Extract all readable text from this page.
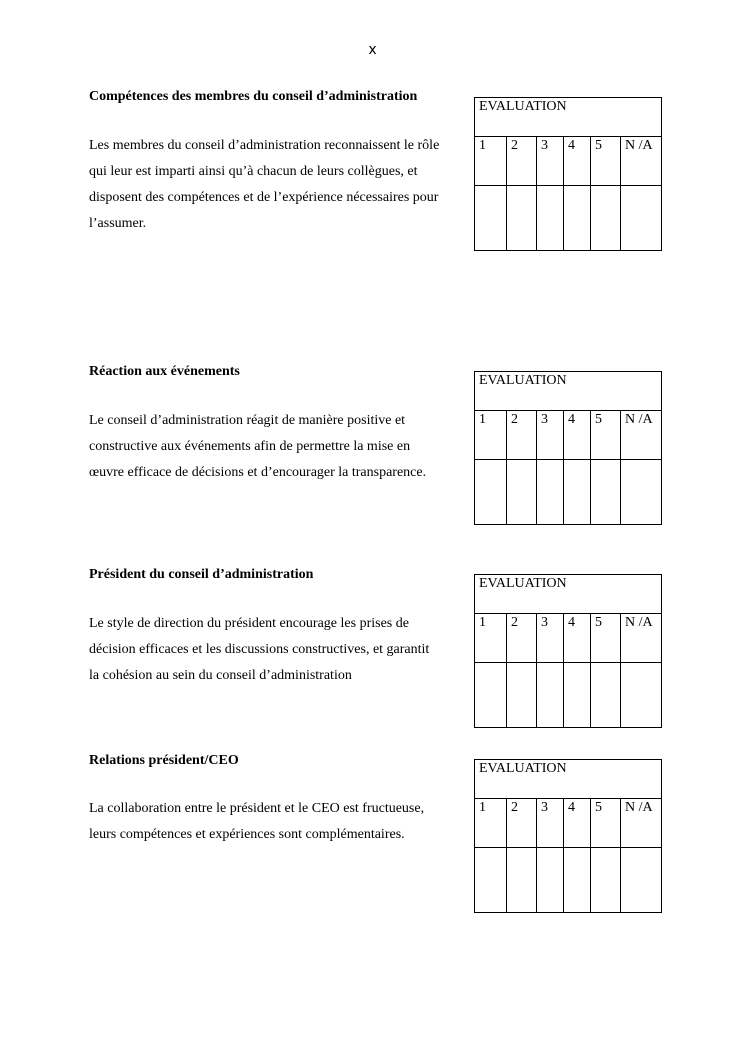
x
Compétences des membres du conseil d’administration
Les membres du conseil d’administration reconnaissent le rôle
qui leur est imparti ainsi qu’à chacun de leurs collègues, et
disposent des compétences et de l’expérience nécessaires pour
l’assumer.
EVALUATION					
1	2	3	4	5	N /A

Réaction aux événements
Le conseil d’administration réagit de manière positive et
constructive aux événements afin de permettre la mise en
œuvre efficace de décisions et d’encourager la transparence.
EVALUATION					
1	2	3	4	5	N /A

Président du conseil d’administration
Le style de direction du président encourage les prises de
décision efficaces et les discussions constructives, et garantit
la cohésion au sein du conseil d’administration
EVALUATION					
1	2	3	4	5	N /A

Relations président/CEO
La collaboration entre le président et le CEO est fructueuse,
leurs compétences et expériences sont complémentaires.
EVALUATION					
1	2	3	4	5	N /A
